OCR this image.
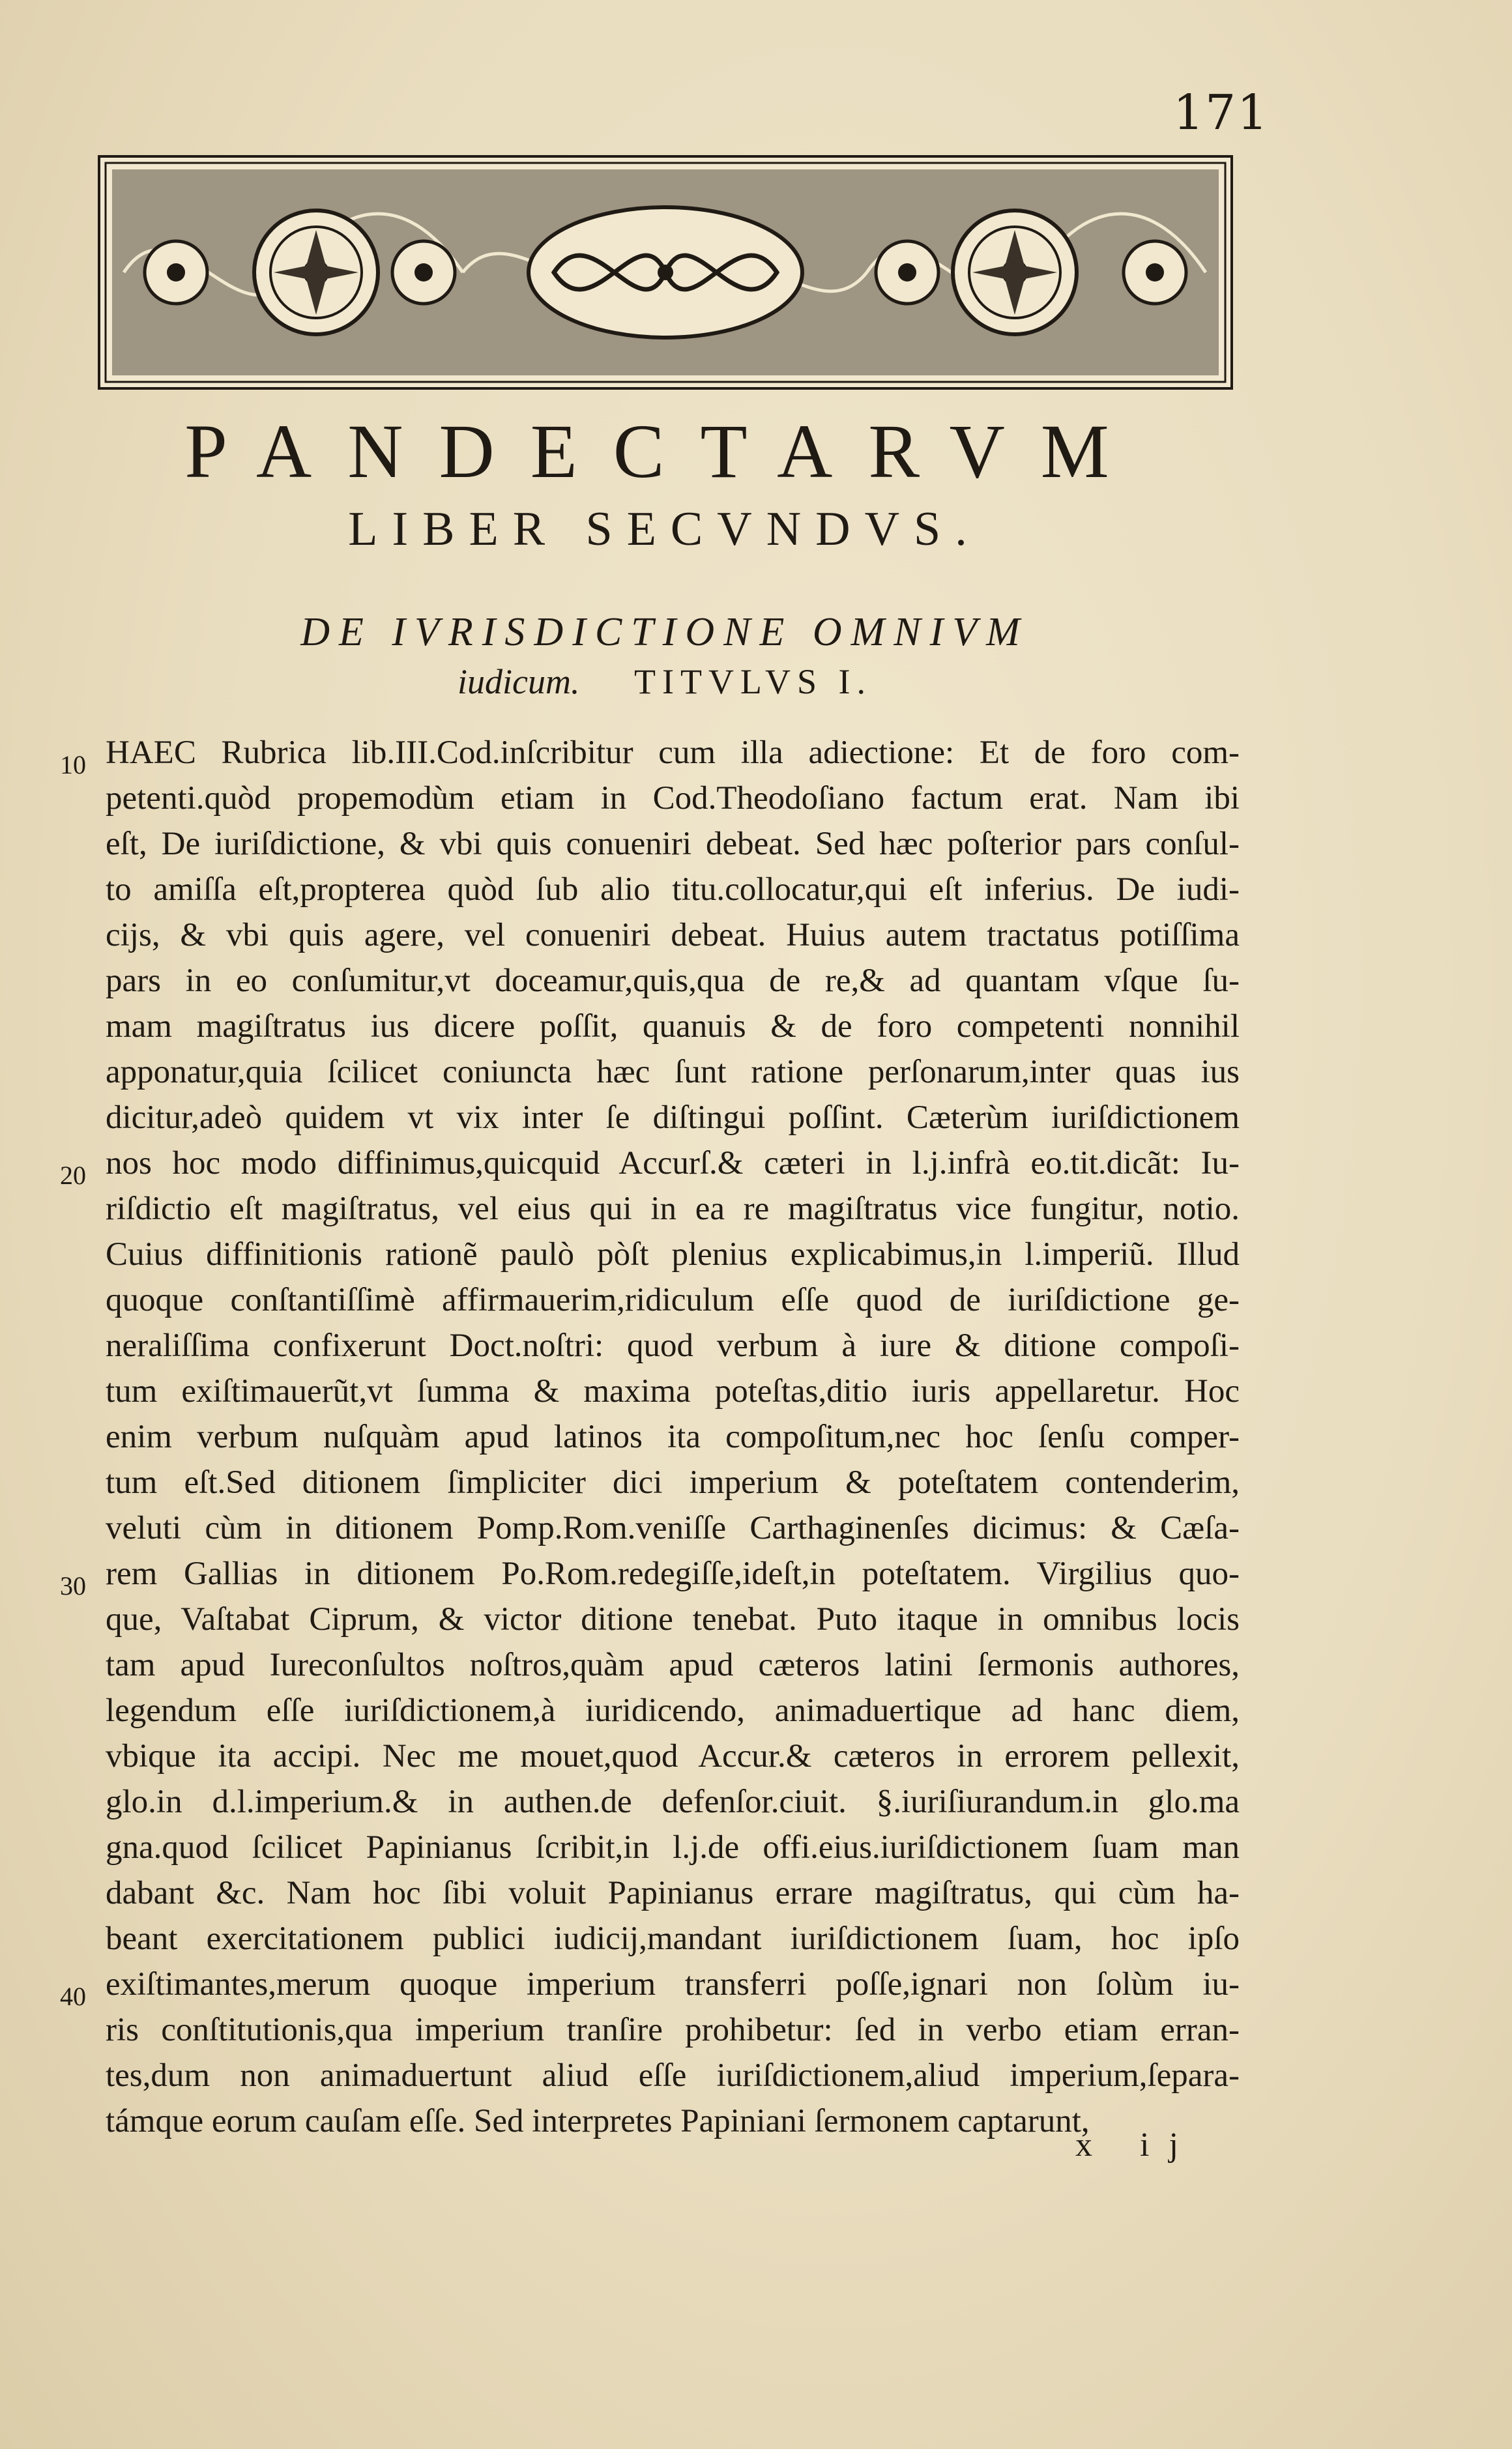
171
PANDECTARVM
LIBER SECVNDVS.
DE IVRISDICTIONE OMNIVM
iudicum. TITVLVS I.
10
20
30
40
HAEC Rubrica lib.III.Cod.inſcribitur cum illa adiectione: Et de foro com-
petenti.quòd propemodùm etiam in Cod.Theodoſiano factum erat. Nam ibi
eſt, De iuriſdictione, & vbi quis conueniri debeat. Sed hæc poſterior pars conſul-
to amiſſa eſt,propterea quòd ſub alio titu.collocatur,qui eſt inferius. De iudi-
cijs, & vbi quis agere, vel conueniri debeat. Huius autem tractatus potiſſima
pars in eo conſumitur,vt doceamur,quis,qua de re,& ad quantam vſque ſu-
mam magiſtratus ius dicere poſſit, quanuis & de foro competenti nonnihil
apponatur,quia ſcilicet coniuncta hæc ſunt ratione perſonarum,inter quas ius
dicitur,adeò quidem vt vix inter ſe diſtingui poſſint. Cæterùm iuriſdictionem
nos hoc modo diffinimus,quicquid Accurſ.& cæteri in l.j.infrà eo.tit.dicãt: Iu-
riſdictio eſt magiſtratus, vel eius qui in ea re magiſtratus vice fungitur, notio.
Cuius diffinitionis rationẽ paulò pòſt plenius explicabimus,in l.imperiũ. Illud
quoque conſtantiſſimè affirmauerim,ridiculum eſſe quod de iuriſdictione ge-
neraliſſima confixerunt Doct.noſtri: quod verbum à iure & ditione compoſi-
tum exiſtimauerũt,vt ſumma & maxima poteſtas,ditio iuris appellaretur. Hoc
enim verbum nuſquàm apud latinos ita compoſitum,nec hoc ſenſu comper-
tum eſt.Sed ditionem ſimpliciter dici imperium & poteſtatem contenderim,
veluti cùm in ditionem Pomp.Rom.veniſſe Carthaginenſes dicimus: & Cæſa-
rem Gallias in ditionem Po.Rom.redegiſſe,ideſt,in poteſtatem. Virgilius quo-
que, Vaſtabat Ciprum, & victor ditione tenebat. Puto itaque in omnibus locis
tam apud Iureconſultos noſtros,quàm apud cæteros latini ſermonis authores,
legendum eſſe iuriſdictionem,à iuridicendo, animaduertique ad hanc diem,
vbique ita accipi. Nec me mouet,quod Accur.& cæteros in errorem pellexit,
glo.in d.l.imperium.& in authen.de defenſor.ciuit. §.iuriſiurandum.in glo.ma
gna.quod ſcilicet Papinianus ſcribit,in l.j.de offi.eius.iuriſdictionem ſuam man
dabant &c. Nam hoc ſibi voluit Papinianus errare magiſtratus, qui cùm ha-
beant exercitationem publici iudicij,mandant iuriſdictionem ſuam, hoc ipſo
exiſtimantes,merum quoque imperium transferri poſſe,ignari non ſolùm iu-
ris conſtitutionis,qua imperium tranſire prohibetur: ſed in verbo etiam erran-
tes,dum non animaduertunt aliud eſſe iuriſdictionem,aliud imperium,ſepara-
támque eorum cauſam eſſe. Sed interpretes Papiniani ſermonem captarunt,
x ij
